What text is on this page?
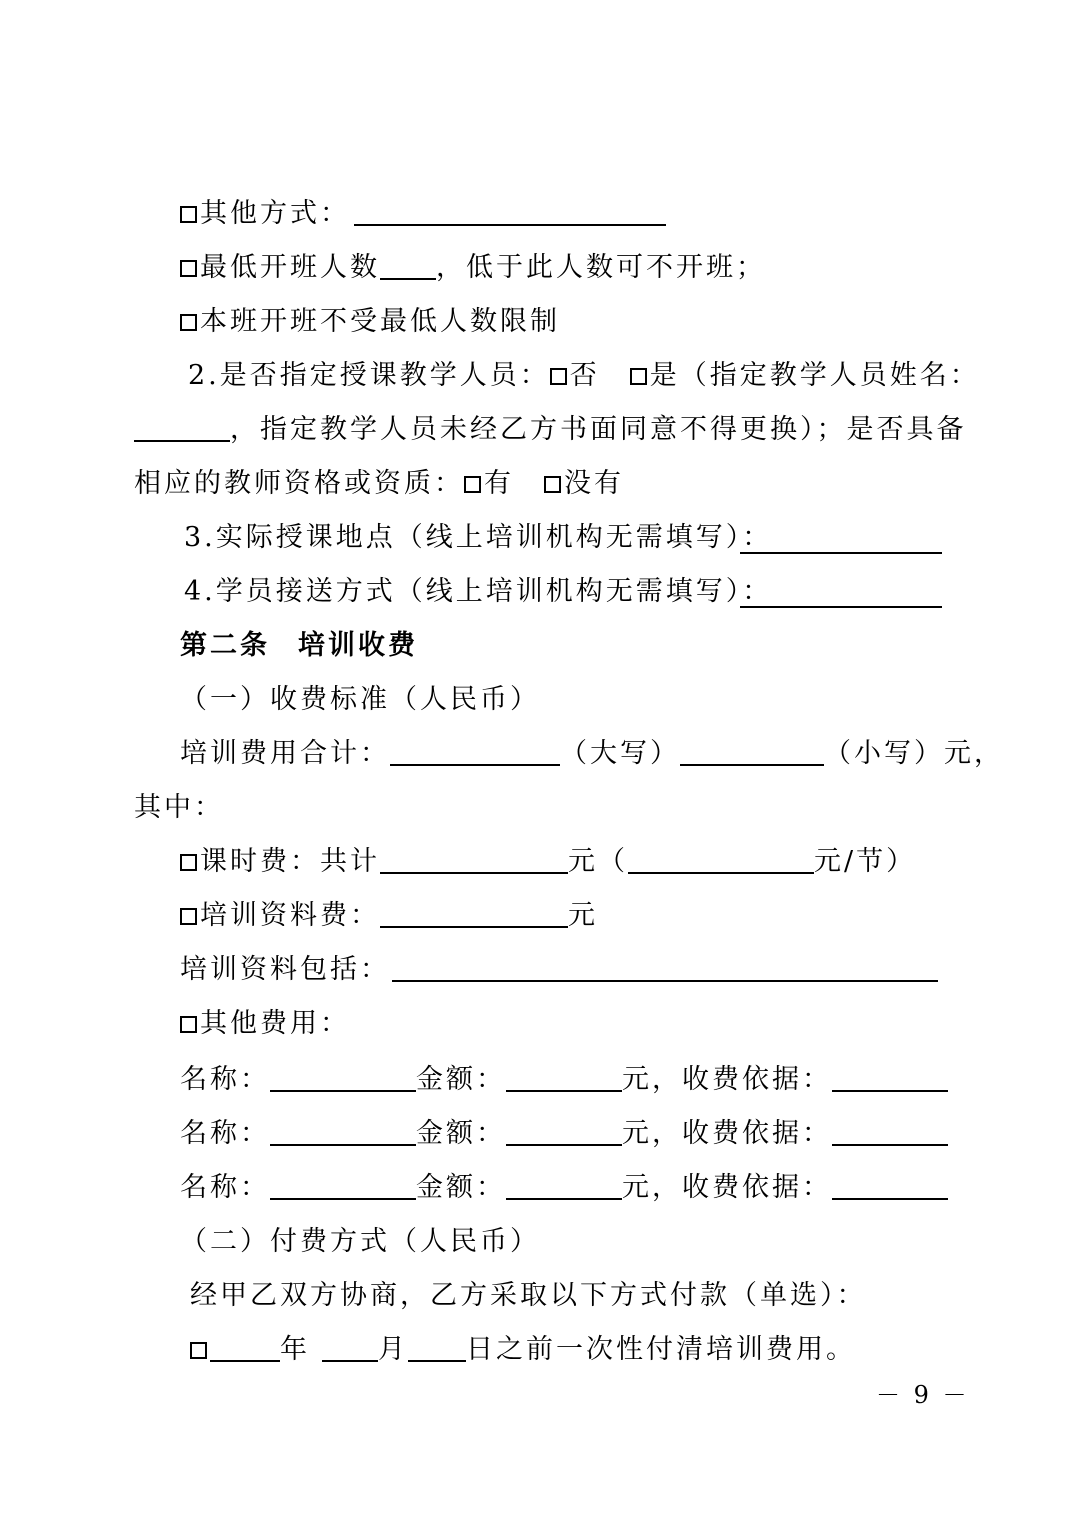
其他方式：
最低开班人数 ，低于此人数可不开班；
本班开班不受最低人数限制
2.是否指定授课教学人员： 否 是（指定教学人员姓名：
，指定教学人员未经乙方书面同意不得更换）；是否具备
相应的教师资格或资质： 有 没有
3.实际授课地点（线上培训机构无需填写）：
4.学员接送方式（线上培训机构无需填写）：
第二条 培训收费
（一）收费标准（人民币）
培训费用合计：	（大写）	（小写）元，
其中：
课时费：共计	元（	元/节）
培训资料费：	元
培训资料包括：
其他费用：
名称：	金额：	元，收费依据：
名称：	金额：	元，收费依据：
名称：	金额：	元，收费依据：
（二）付费方式（人民币）
经甲乙双方协商，乙方采取以下方式付款（单选）：
年	月 日之前一次性付清培训费用。
－ 9 －
